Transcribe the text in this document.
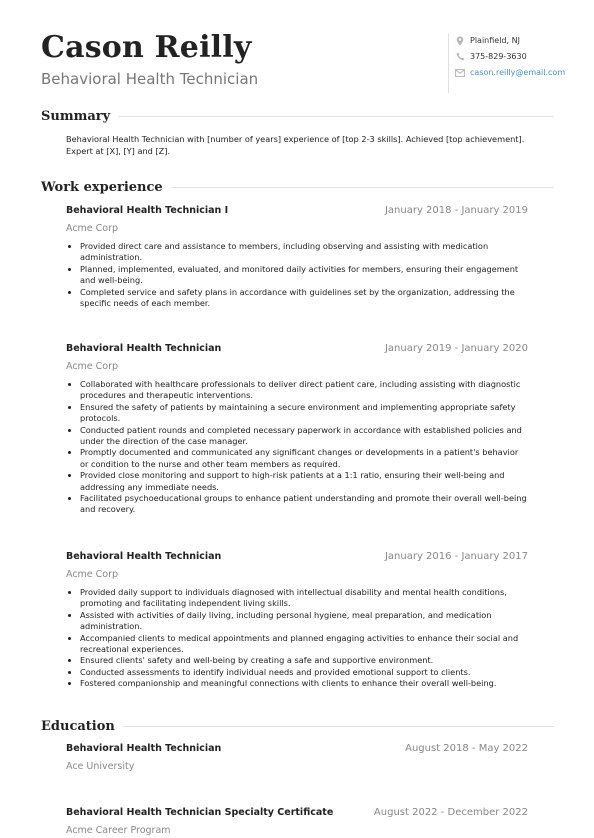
Cason Reilly
Behavioral Health Technician
Plainfield, NJ
375-829-3630
cason.reilly@email.com
Summary
Behavioral Health Technician with [number of years] experience of [top 2-3 skills]. Achieved [top achievement]. Expert at [X], [Y] and [Z].
Work experience
Behavioral Health Technician I	January 2018 - January 2019
Acme Corp
• Provided direct care and assistance to members, including observing and assisting with medication administration.
• Planned, implemented, evaluated, and monitored daily activities for members, ensuring their engagement and well-being.
• Completed service and safety plans in accordance with guidelines set by the organization, addressing the specific needs of each member.
Behavioral Health Technician	January 2019 - January 2020
Acme Corp
• Collaborated with healthcare professionals to deliver direct patient care, including assisting with diagnostic procedures and therapeutic interventions.
• Ensured the safety of patients by maintaining a secure environment and implementing appropriate safety protocols.
• Conducted patient rounds and completed necessary paperwork in accordance with established policies and under the direction of the case manager.
• Promptly documented and communicated any significant changes or developments in a patient's behavior or condition to the nurse and other team members as required.
• Provided close monitoring and support to high-risk patients at a 1:1 ratio, ensuring their well-being and addressing any immediate needs.
• Facilitated psychoeducational groups to enhance patient understanding and promote their overall well-being and recovery.
Behavioral Health Technician	January 2016 - January 2017
Acme Corp
• Provided daily support to individuals diagnosed with intellectual disability and mental health conditions, promoting and facilitating independent living skills.
• Assisted with activities of daily living, including personal hygiene, meal preparation, and medication administration.
• Accompanied clients to medical appointments and planned engaging activities to enhance their social and recreational experiences.
• Ensured clients' safety and well-being by creating a safe and supportive environment.
• Conducted assessments to identify individual needs and provided emotional support to clients.
• Fostered companionship and meaningful connections with clients to enhance their overall well-being.
Education
Behavioral Health Technician	August 2018 - May 2022
Ace University
Behavioral Health Technician Specialty Certificate	August 2022 - December 2022
Acme Career Program
